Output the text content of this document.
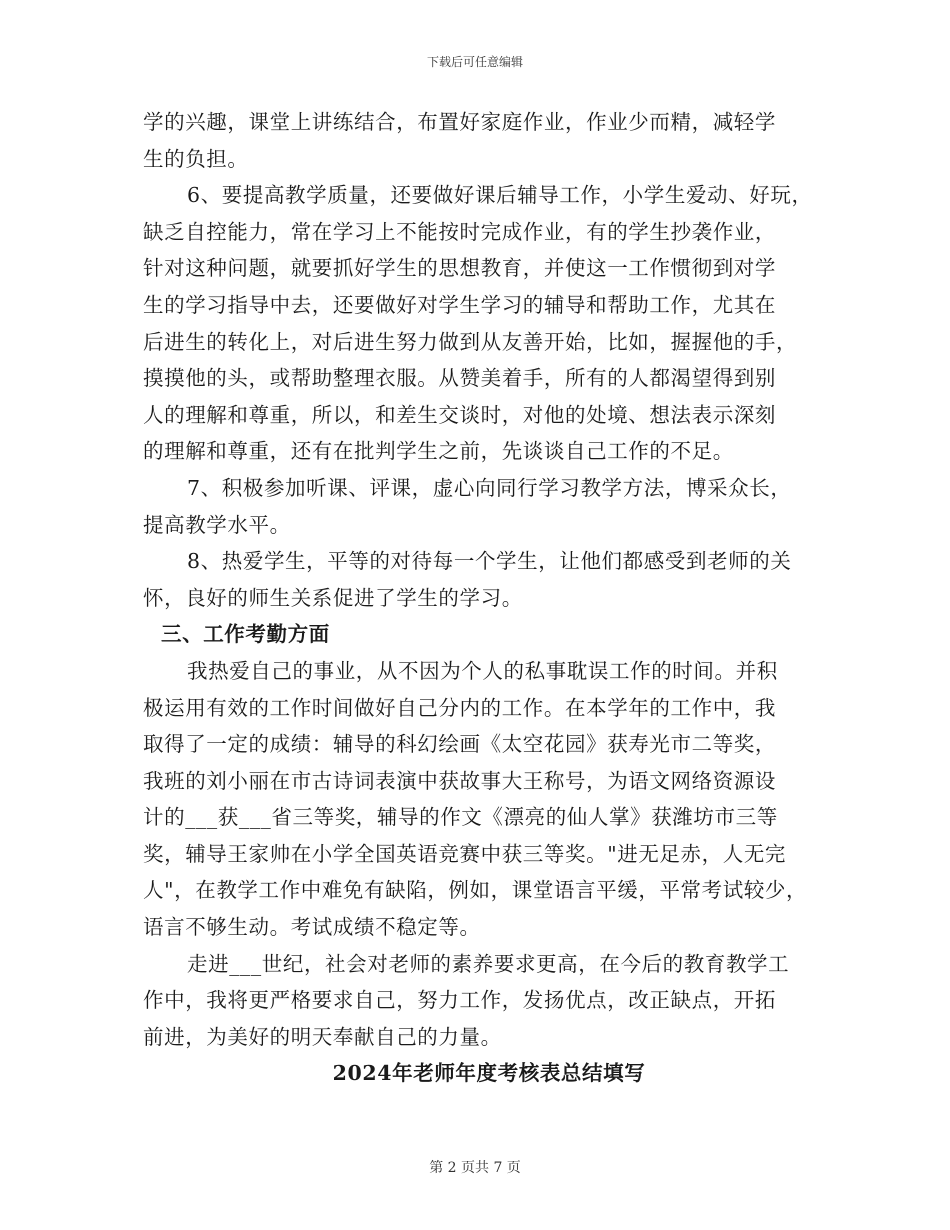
下载后可任意编辑
学的兴趣，课堂上讲练结合，布置好家庭作业，作业少而精，减轻学
生的负担。
6、要提高教学质量，还要做好课后辅导工作，小学生爱动、好玩，
缺乏自控能力，常在学习上不能按时完成作业，有的学生抄袭作业，
针对这种问题，就要抓好学生的思想教育，并使这一工作惯彻到对学
生的学习指导中去，还要做好对学生学习的辅导和帮助工作，尤其在
后进生的转化上，对后进生努力做到从友善开始，比如，握握他的手，
摸摸他的头，或帮助整理衣服。从赞美着手，所有的人都渴望得到别
人的理解和尊重，所以，和差生交谈时，对他的处境、想法表示深刻
的理解和尊重，还有在批判学生之前，先谈谈自己工作的不足。
7、积极参加听课、评课，虚心向同行学习教学方法，博采众长，
提高教学水平。
8、热爱学生，平等的对待每一个学生，让他们都感受到老师的关
怀，良好的师生关系促进了学生的学习。
三、工作考勤方面
我热爱自己的事业，从不因为个人的私事耽误工作的时间。并积
极运用有效的工作时间做好自己分内的工作。在本学年的工作中，我
取得了一定的成绩：辅导的科幻绘画《太空花园》获寿光市二等奖，
我班的刘小丽在市古诗词表演中获故事大王称号，为语文网络资源设
计的___获___省三等奖，辅导的作文《漂亮的仙人掌》获潍坊市三等
奖，辅导王家帅在小学全国英语竞赛中获三等奖。"进无足赤，人无完
人"，在教学工作中难免有缺陷，例如，课堂语言平缓，平常考试较少，
语言不够生动。考试成绩不稳定等。
走进___世纪，社会对老师的素养要求更高，在今后的教育教学工
作中，我将更严格要求自己，努力工作，发扬优点，改正缺点，开拓
前进，为美好的明天奉献自己的力量。
2024年老师年度考核表总结填写
第 2 页共 7 页
